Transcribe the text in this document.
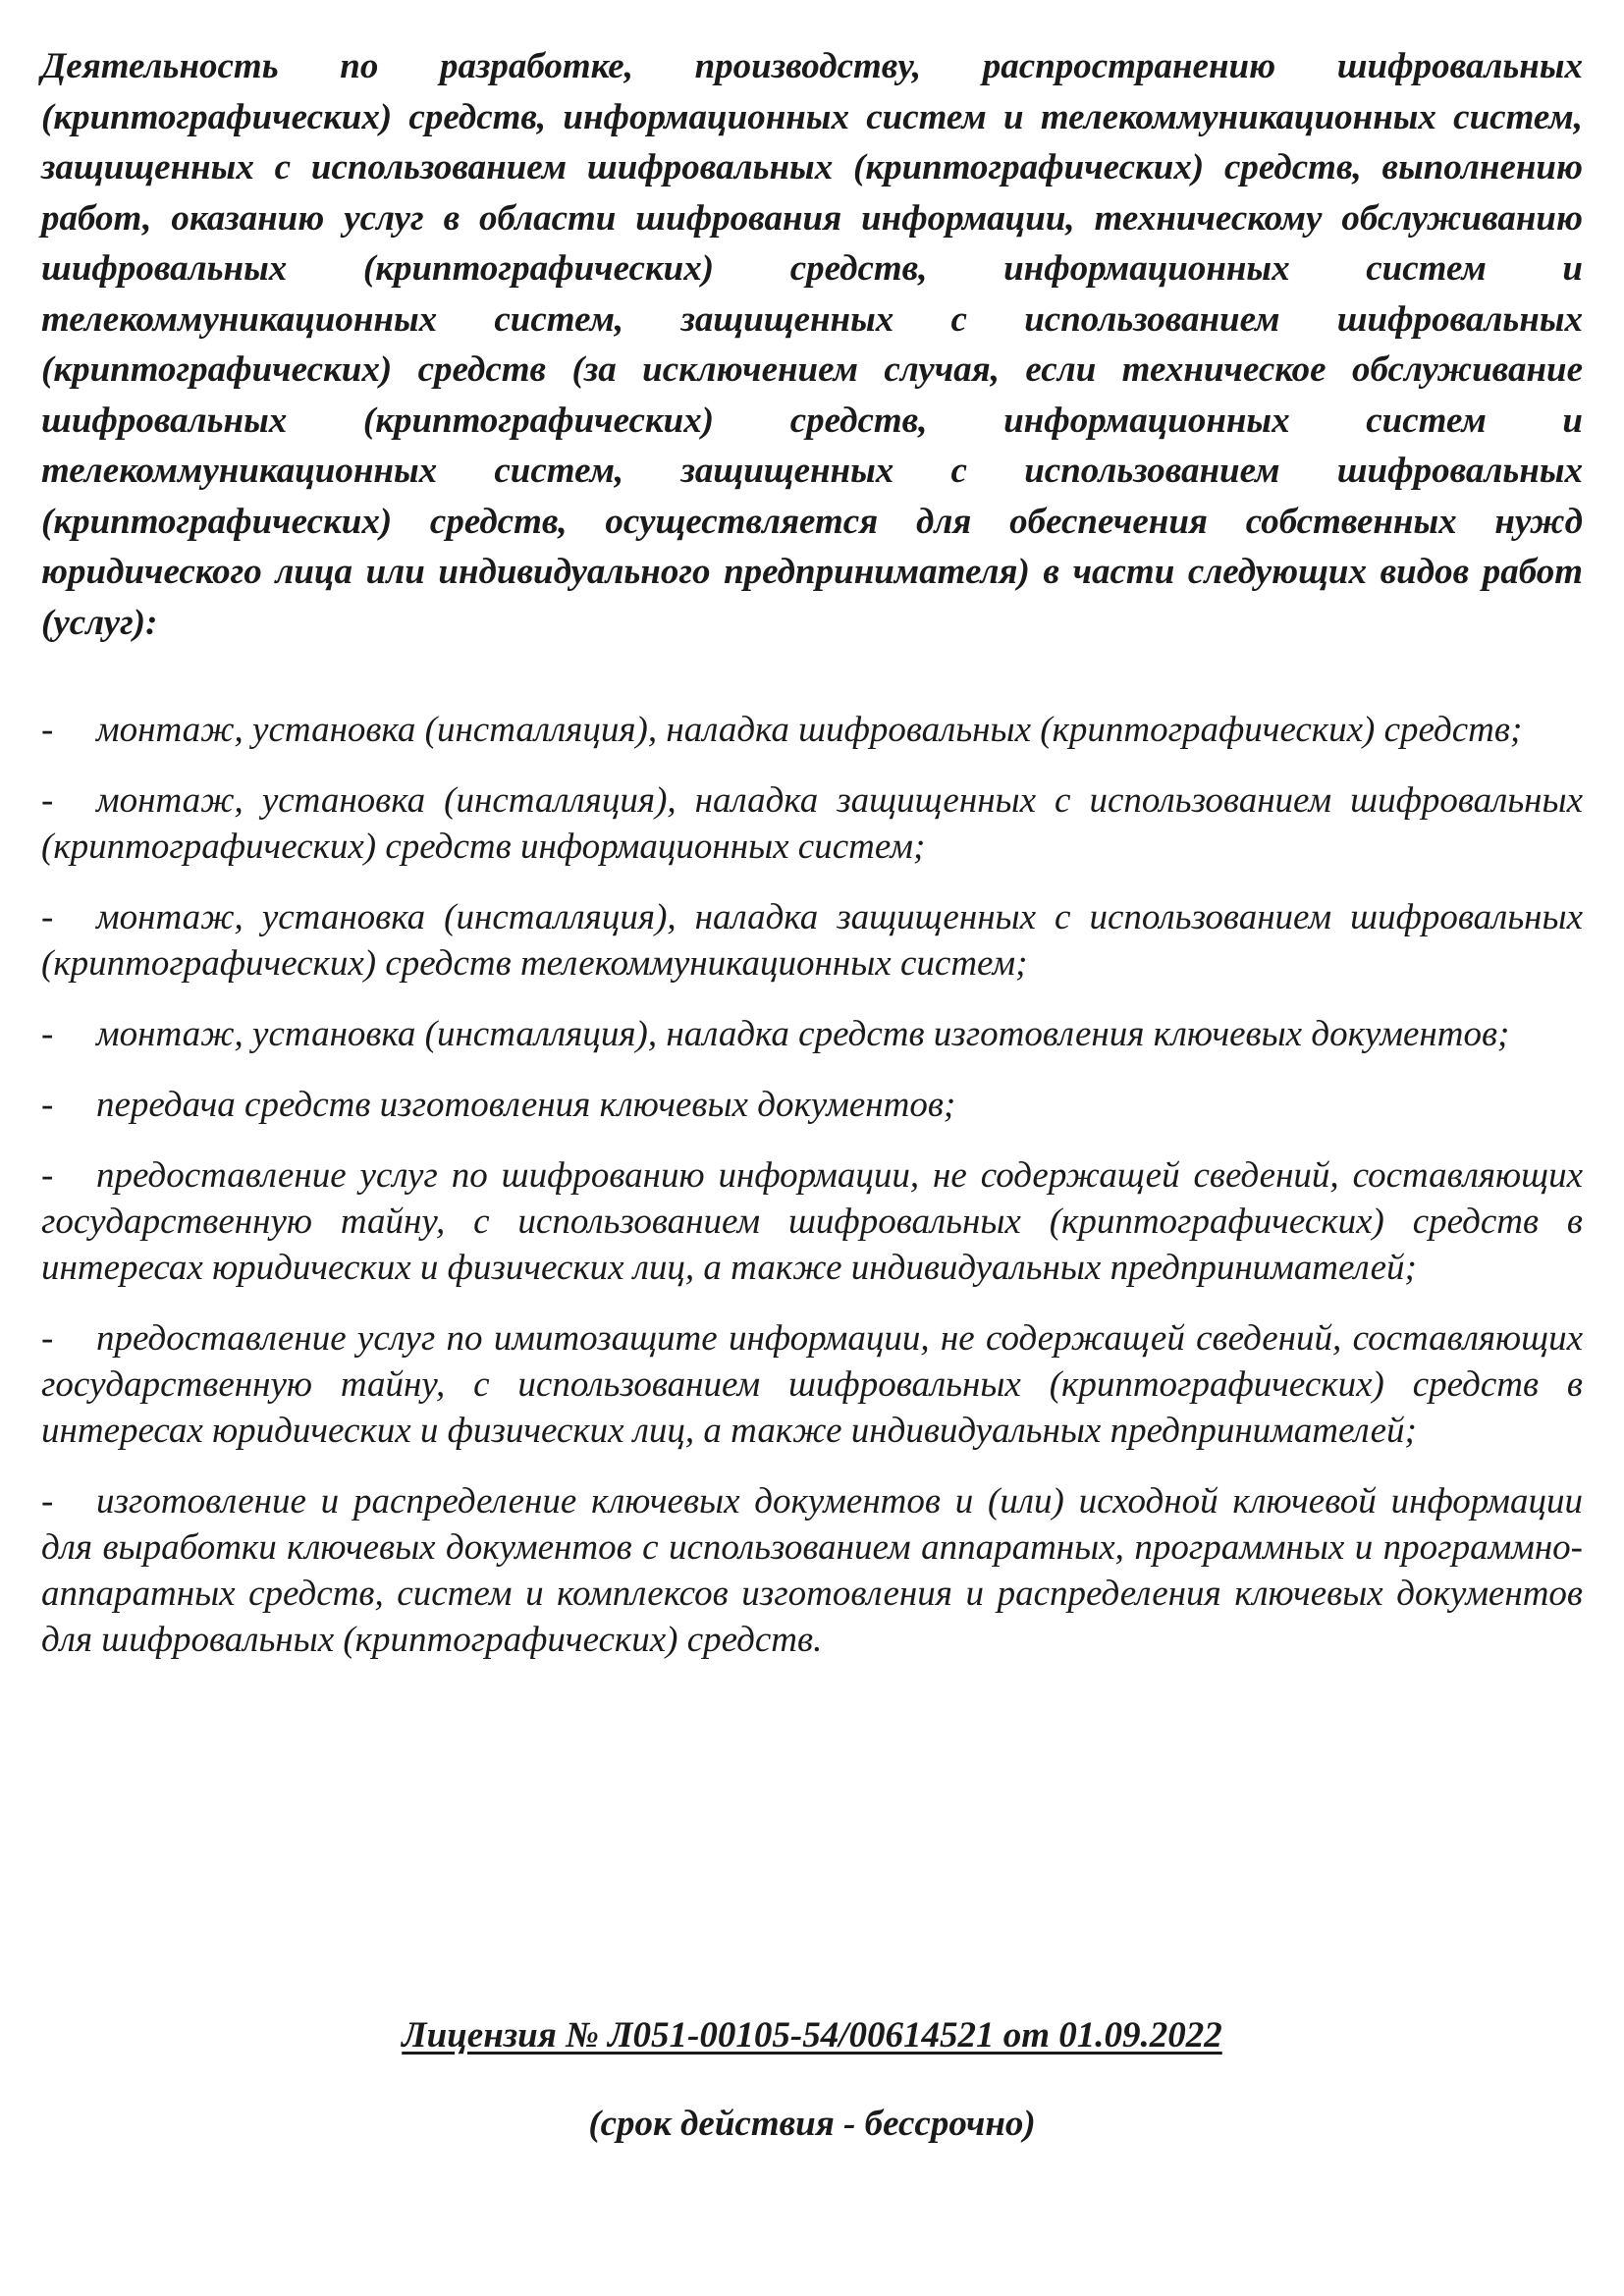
Деятельность по разработке, производству, распространению шифровальных (криптографических) средств, информационных систем и телекоммуникационных систем, защищенных с использованием шифровальных (криптографических) средств, выполнению работ, оказанию услуг в области шифрования информации, техническому обслуживанию шифровальных (криптографических) средств, информационных систем и телекоммуникационных систем, защищенных с использованием шифровальных (криптографических) средств (за исключением случая, если техническое обслуживание шифровальных (криптографических) средств, информационных систем и телекоммуникационных систем, защищенных с использованием шифровальных (криптографических) средств, осуществляется для обеспечения собственных нужд юридического лица или индивидуального предпринимателя) в части следующих видов работ (услуг):

- монтаж, установка (инсталляция), наладка шифровальных (криптографических) средств;

- монтаж, установка (инсталляция), наладка защищенных с использованием шифровальных (криптографических) средств информационных систем;

- монтаж, установка (инсталляция), наладка защищенных с использованием шифровальных (криптографических) средств телекоммуникационных систем;

- монтаж, установка (инсталляция), наладка средств изготовления ключевых документов;

- передача средств изготовления ключевых документов;

- предоставление услуг по шифрованию информации, не содержащей сведений, составляющих государственную тайну, с использованием шифровальных (криптографических) средств в интересах юридических и физических лиц, а также индивидуальных предпринимателей;

- предоставление услуг по имитозащите информации, не содержащей сведений, составляющих государственную тайну, с использованием шифровальных (криптографических) средств в интересах юридических и физических лиц, а также индивидуальных предпринимателей;

- изготовление и распределение ключевых документов и (или) исходной ключевой информации для выработки ключевых документов с использованием аппаратных, программных и программно-аппаратных средств, систем и комплексов изготовления и распределения ключевых документов для шифровальных (криптографических) средств.

Лицензия № Л051-00105-54/00614521 от 01.09.2022
(срок действия - бессрочно)
